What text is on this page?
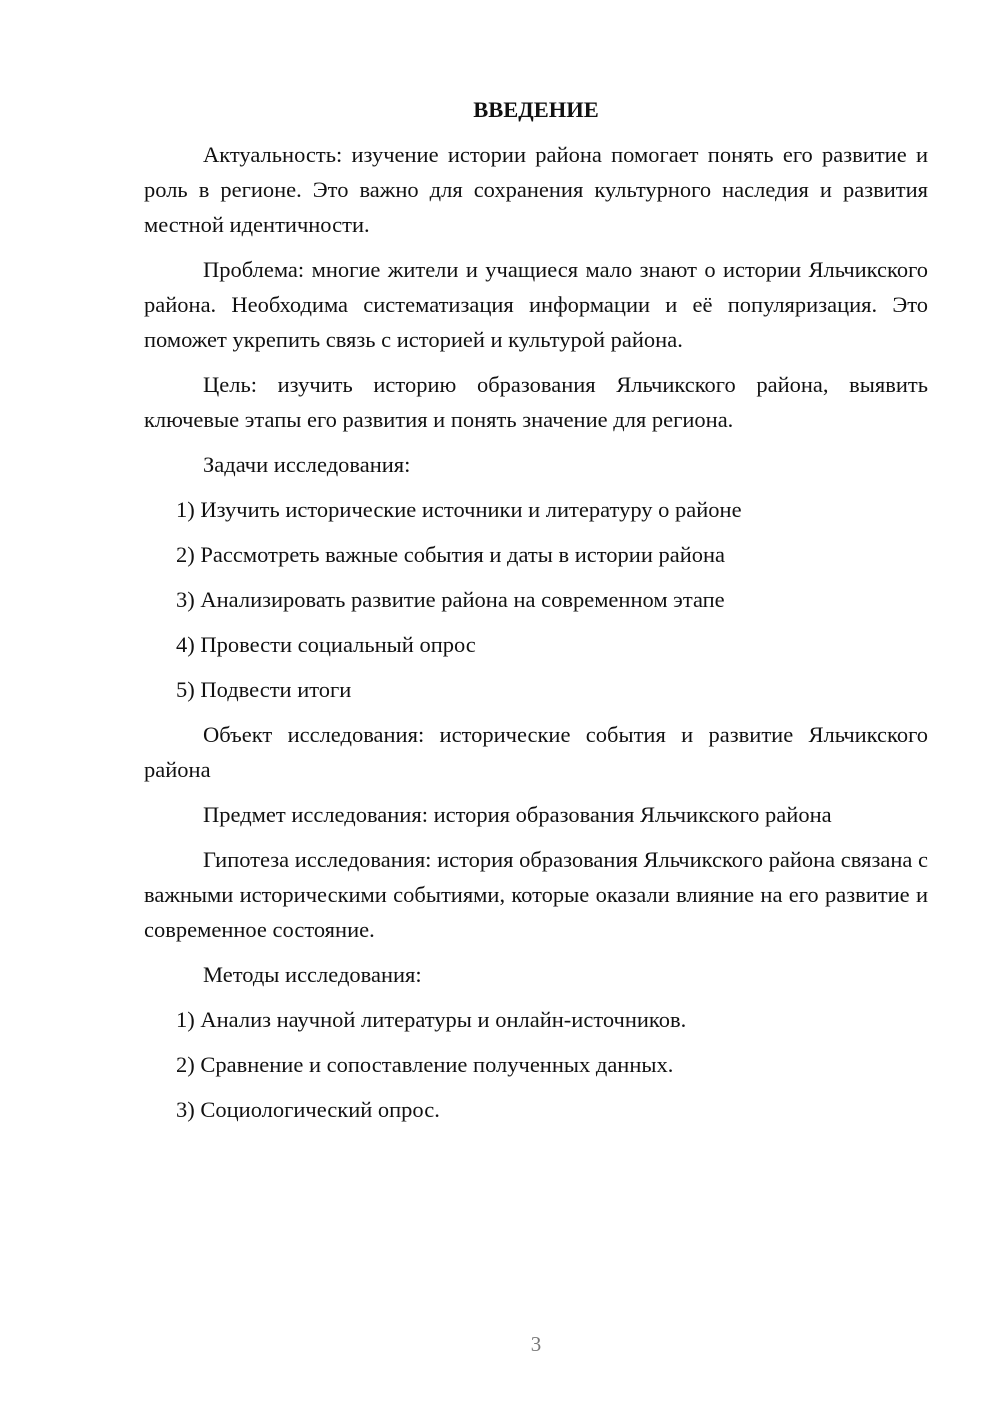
ВВЕДЕНИЕ

Актуальность: изучение истории района помогает понять его развитие и роль в регионе. Это важно для сохранения культурного наследия и развития местной идентичности.

Проблема: многие жители и учащиеся мало знают о истории Яльчикского района. Необходима систематизация информации и её популяризация. Это поможет укрепить связь с историей и культурой района.

Цель: изучить историю образования Яльчикского района, выявить ключевые этапы его развития и понять значение для региона.

Задачи исследования:
1) Изучить исторические источники и литературу о районе
2) Рассмотреть важные события и даты в истории района
3) Анализировать развитие района на современном этапе
4) Провести социальный опрос
5) Подвести итоги

Объект исследования: исторические события и развитие Яльчикского района

Предмет исследования: история образования Яльчикского района

Гипотеза исследования: история образования Яльчикского района связана с важными историческими событиями, которые оказали влияние на его развитие и современное состояние.

Методы исследования:
1) Анализ научной литературы и онлайн-источников.
2) Сравнение и сопоставление полученных данных.
3) Социологический опрос.
3
